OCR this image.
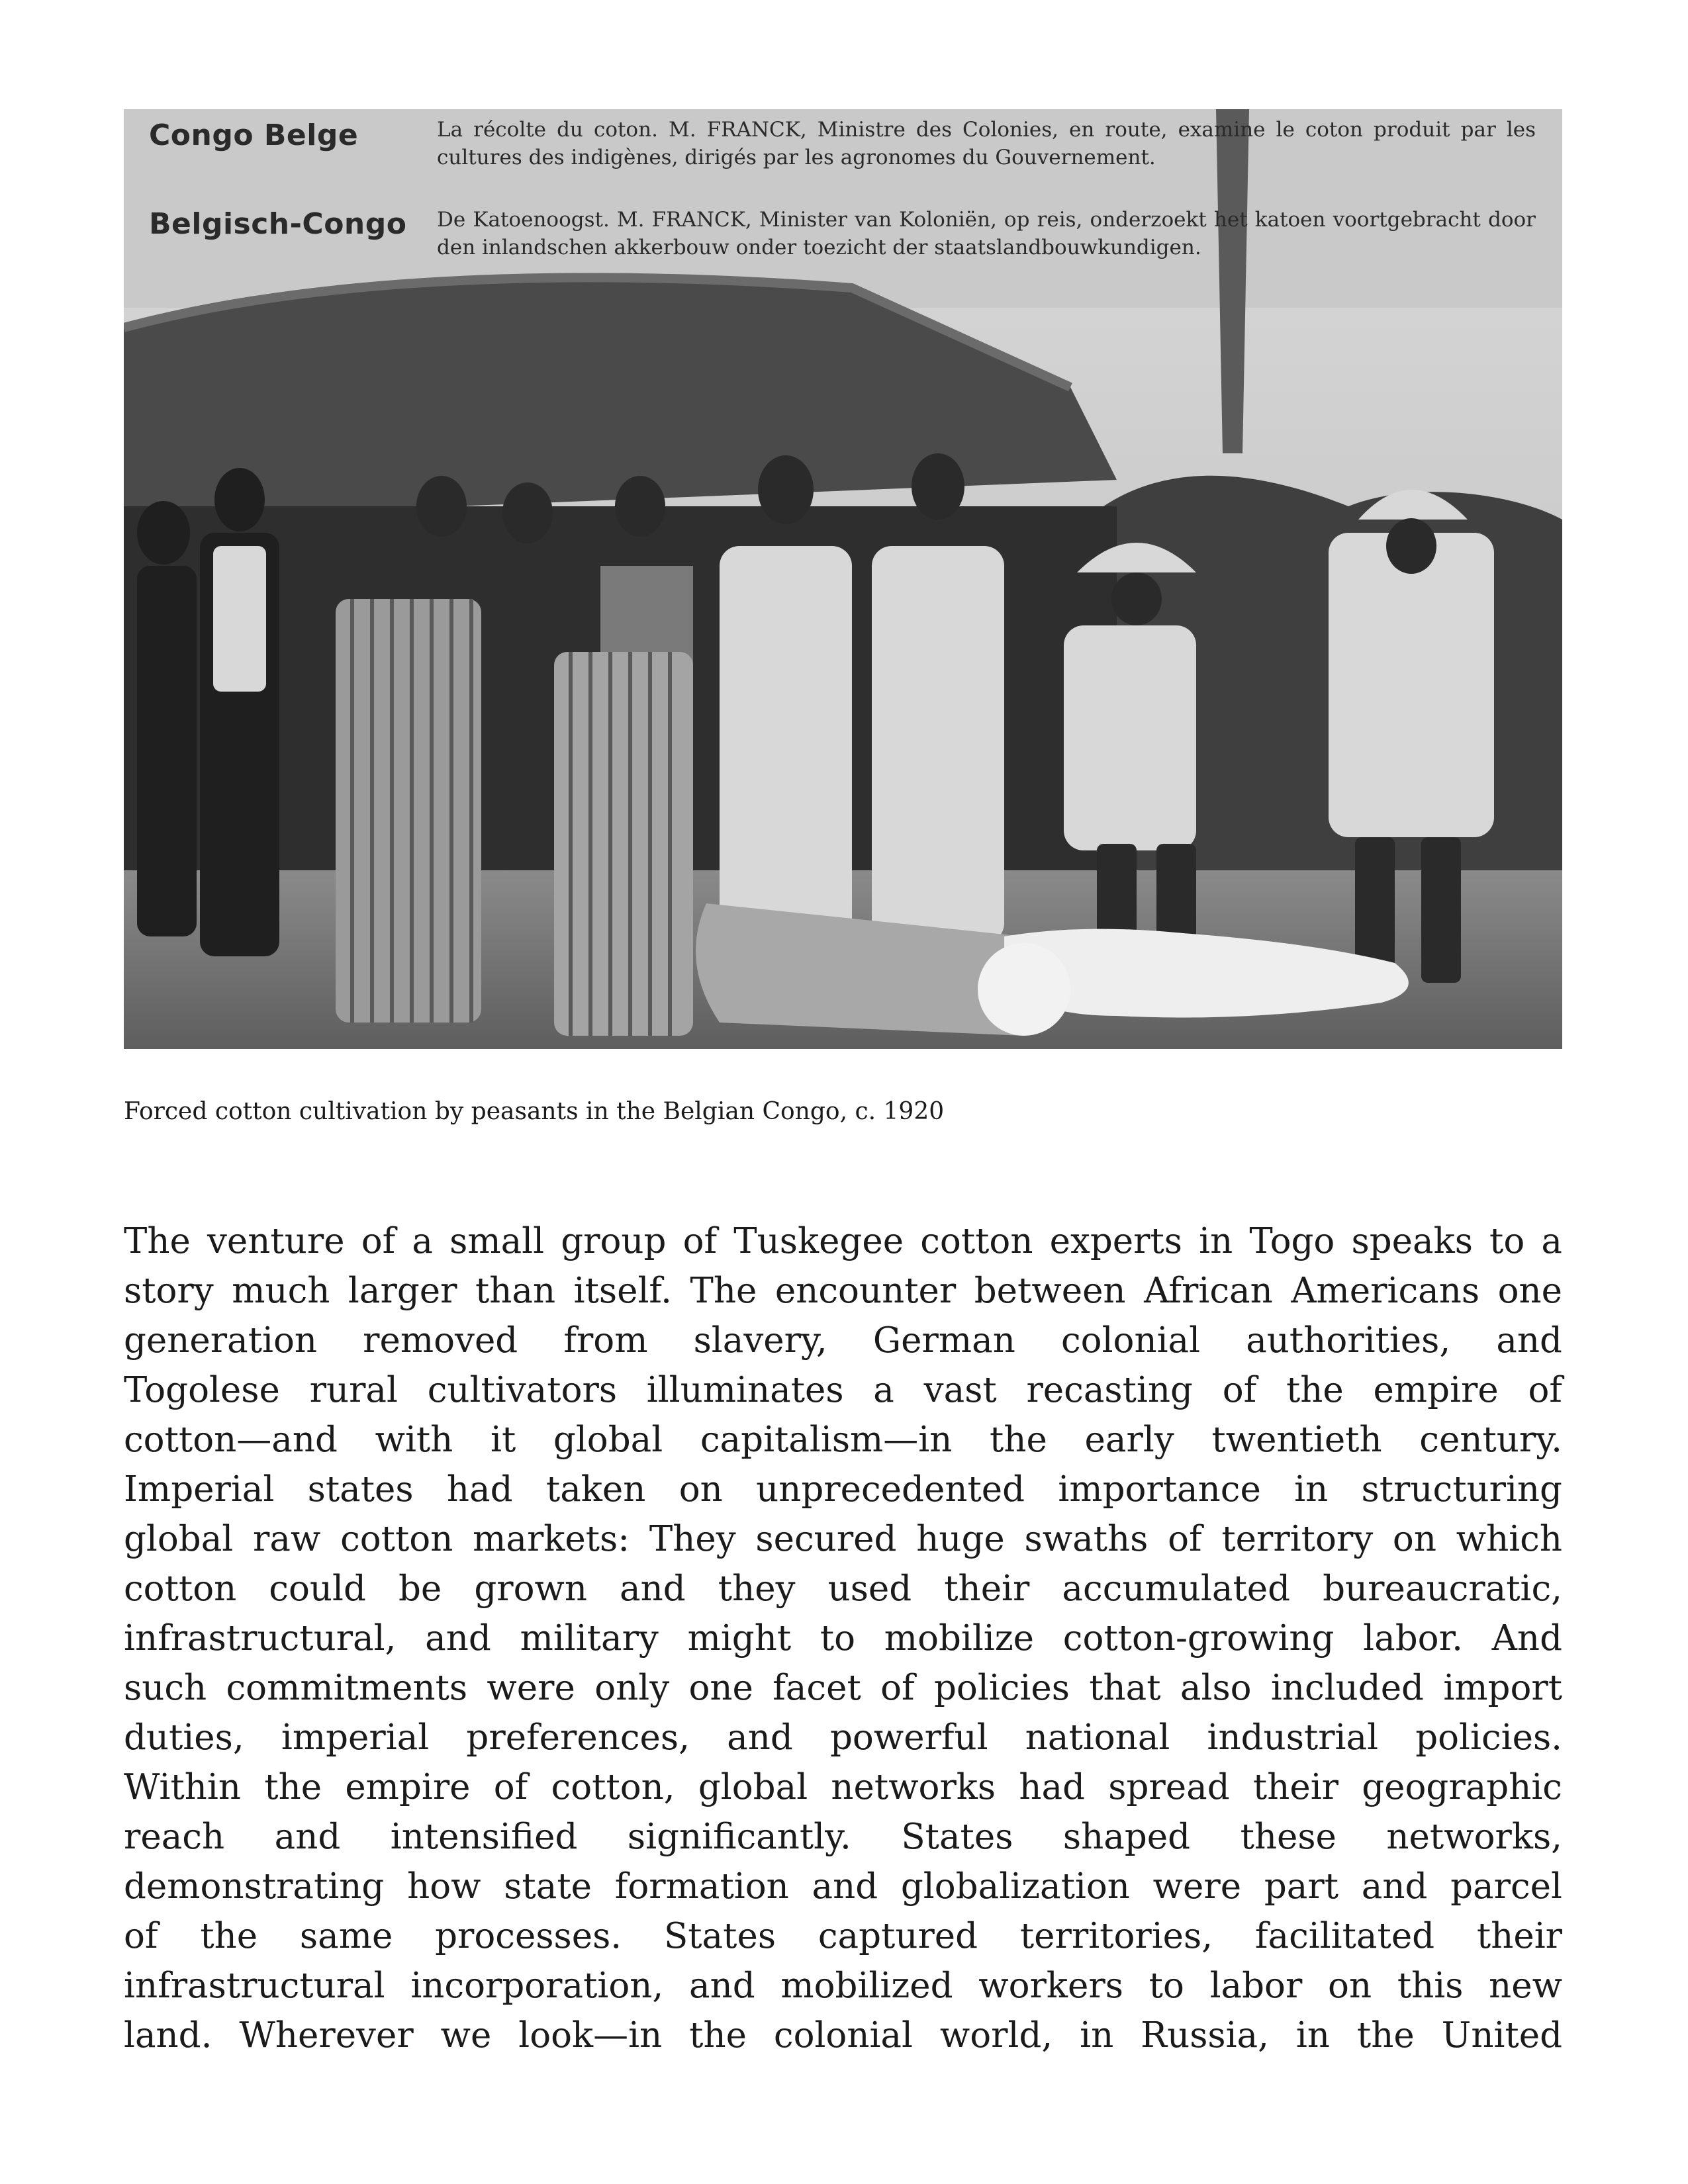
Congo Belge
Belgisch-Congo
La récolte du coton. M. FRANCK, Ministre des Colonies, en route, examine le coton produit par les cultures des indigènes, dirigés par les agronomes du Gouvernement.
De Katoenoogst. M. FRANCK, Minister van Koloniën, op reis, onderzoekt het katoen voortgebracht door den inlandschen akkerbouw onder toezicht der staatslandbouwkundigen.
Forced cotton cultivation by peasants in the Belgian Congo, c. 1920
The venture of a small group of Tuskegee cotton experts in Togo speaks to a
story much larger than itself. The encounter between African Americans one
generation removed from slavery, German colonial authorities, and
Togolese rural cultivators illuminates a vast recasting of the empire of
cotton—and with it global capitalism—in the early twentieth century.
Imperial states had taken on unprecedented importance in structuring
global raw cotton markets: They secured huge swaths of territory on which
cotton could be grown and they used their accumulated bureaucratic,
infrastructural, and military might to mobilize cotton-growing labor. And
such commitments were only one facet of policies that also included import
duties, imperial preferences, and powerful national industrial policies.
Within the empire of cotton, global networks had spread their geographic
reach and intensified significantly. States shaped these networks,
demonstrating how state formation and globalization were part and parcel
of the same processes. States captured territories, facilitated their
infrastructural incorporation, and mobilized workers to labor on this new
land. Wherever we look—in the colonial world, in Russia, in the United
